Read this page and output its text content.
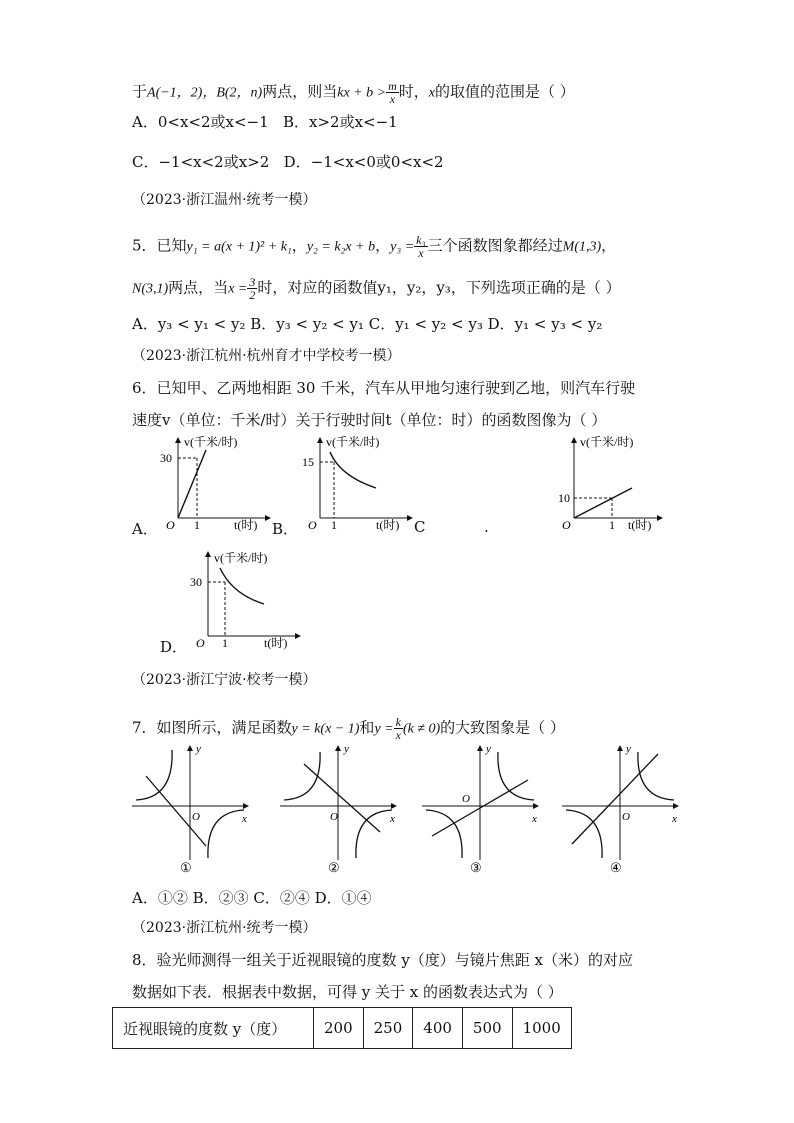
于A(−1，2)，B(2，n)两点，则当kx + $b > \frac{m}{x}$ 时，x的取值的范围是（ ）
A．0<x<2或x<−1 B．x>2或x<−1
C．−1<x<2或x>2 D．−1<x<0或0<x<2
（2023·浙江温州·统考一模）
5．已知y₁ = a(x + 1)² + k₁，y₂ = k₂x + b，$y_3 = \frac{\text{k₃}}{x}$ 三个函数图象都经过M(1,3)，
N(3,1)两点，当$x = \frac{3}{2}$ 时，对应的函数值y₁，y₂，y₃，下列选项正确的是（ ）
A．y₃ < y₁ < y₂ B．y₃ < y₂ < y₁ C．y₁ < y₂ < y₃ D．y₁ < y₃ < y₂
（2023·浙江杭州·杭州育才中学校考一模）
6．已知甲、乙两地相距 30 千米，汽车从甲地匀速行驶到乙地，则汽车行驶
速度v（单位：千米/时）关于行驶时间t（单位：时）的函数图像为（ ）
A．
v(千米/时)
30
O 1	t(时) B．
v(千米/时)
15
O 1	t(时) C	.
v(千米/时)
10
O	1 t(时)
D．
v(千米/时)
30
O 1	t(时)
（2023·浙江宁波·校考一模）
7．如图所示，满足函数y = k(x − 1)和$y = \frac{k}{x} (k \ne 0)$的大致图象是（ ）
y
x
O
①
y
x
O
②
y
x
O
③
y
x
O
④
A．①② B．②③ C．②④ D．①④
（2023·浙江杭州·统考一模）
8．验光师测得一组关于近视眼镜的度数 y（度）与镜片焦距 x（米）的对应
数据如下表．根据表中数据，可得 y 关于 x 的函数表达式为（ ）
近视眼镜的度数 y（度）	200	250	400	500	1000
